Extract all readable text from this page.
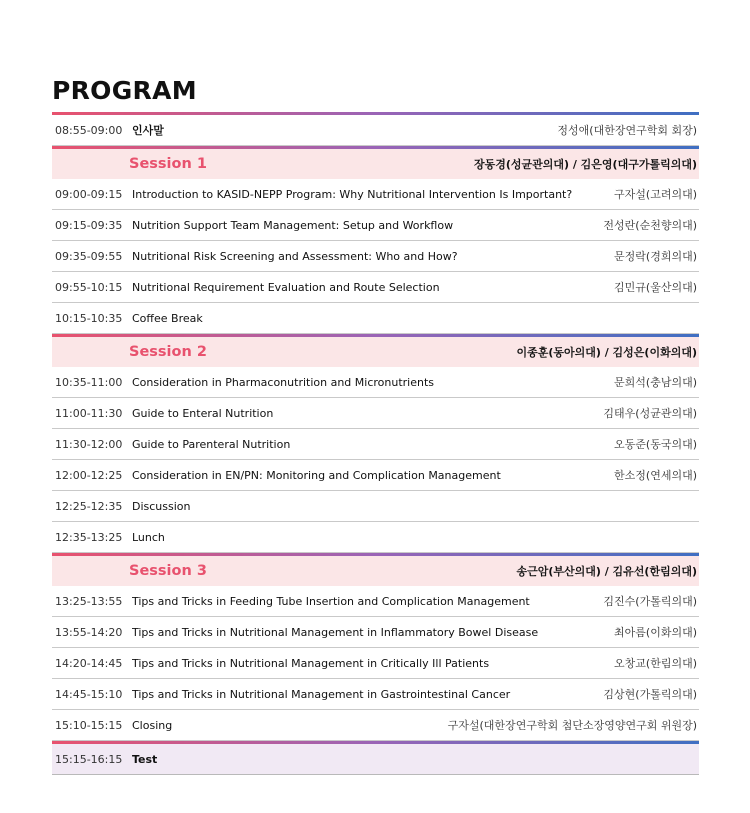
PROGRAM
08:55-09:00 인사말	정성애(대한장연구학회 회장)
Session 1	장동경(성균관의대) / 김은영(대구가톨릭의대)
09:00-09:15 Introduction to KASID-NEPP Program: Why Nutritional Intervention Is Important?	구자설(고려의대)
09:15-09:35 Nutrition Support Team Management: Setup and Workflow	전성란(순천향의대)
09:35-09:55 Nutritional Risk Screening and Assessment: Who and How?	문정락(경희의대)
09:55-10:15 Nutritional Requirement Evaluation and Route Selection	김민규(울산의대)
10:15-10:35 Coffee Break
Session 2	이종훈(동아의대) / 김성은(이화의대)
10:35-11:00 Consideration in Pharmaconutrition and Micronutrients	문희석(충남의대)
11:00-11:30 Guide to Enteral Nutrition	김태우(성균관의대)
11:30-12:00 Guide to Parenteral Nutrition	오동준(동국의대)
12:00-12:25 Consideration in EN/PN: Monitoring and Complication Management	한소정(연세의대)
12:25-12:35 Discussion
12:35-13:25 Lunch
Session 3	송근암(부산의대) / 김유선(한림의대)
13:25-13:55 Tips and Tricks in Feeding Tube Insertion and Complication Management	김진수(가톨릭의대)
13:55-14:20 Tips and Tricks in Nutritional Management in Inflammatory Bowel Disease	최아름(이화의대)
14:20-14:45 Tips and Tricks in Nutritional Management in Critically Ill Patients	오창교(한림의대)
14:45-15:10 Tips and Tricks in Nutritional Management in Gastrointestinal Cancer	김상현(가톨릭의대)
15:10-15:15 Closing	구자설(대한장연구학회 첨단소장영양연구회 위원장)
15:15-16:15 Test
